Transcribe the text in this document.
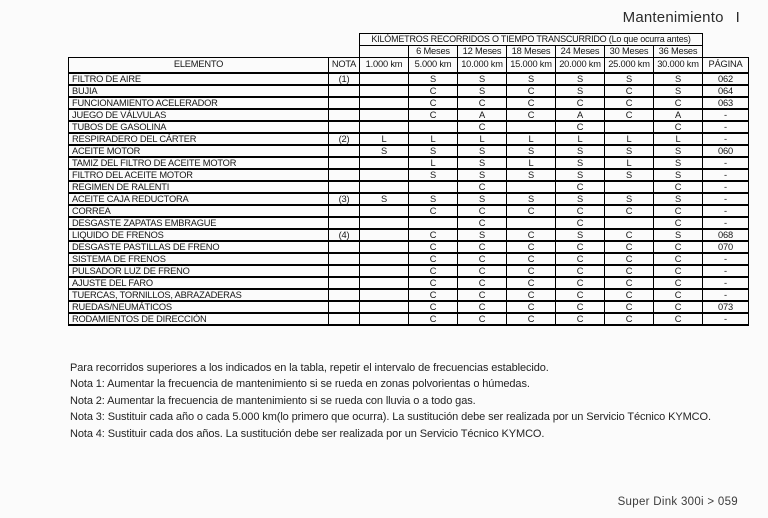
Mantenimiento I
		KILÓMETROS RECORRIDOS O TIEMPO TRANSCURRIDO (Lo que ocurra antes)							
			6 Meses	12 Meses	18 Meses	24 Meses	30 Meses	36 Meses	
ELEMENTO	NOTA	1.000 km	5.000 km	10.000 km	15.000 km	20.000 km	25.000 km	30.000 km	PÁGINA
FILTRO DE AIRE	(1)		S	S	S	S	S	S	062
BUJIA			C	S	C	S	C	S	064
FUNCIONAMIENTO ACELERADOR			C	C	C	C	C	C	063
JUEGO DE VÁLVULAS			C	A	C	A	C	A	-
TUBOS DE GASOLINA				C		C		C	-
RESPIRADERO DEL CÁRTER	(2)	L	L	L	L	L	L	L	-
ACEITE MOTOR		S	S	S	S	S	S	S	060
TAMIZ DEL FILTRO DE ACEITE MOTOR			L	S	L	S	L	S	-
FILTRO DEL ACEITE MOTOR			S	S	S	S	S	S	-
REGIMEN DE RALENTI				C		C		C	-
ACEITE CAJA REDUCTORA	(3)	S	S	S	S	S	S	S	-
CORREA			C	C	C	C	C	C	-
DESGASTE ZAPATAS EMBRAGUE				C		C		C	-
LIQUIDO DE FRENOS	(4)		C	S	C	S	C	S	068
DESGASTE PASTILLAS DE FRENO			C	C	C	C	C	C	070
SISTEMA DE FRENOS			C	C	C	C	C	C	-
PULSADOR LUZ DE FRENO			C	C	C	C	C	C	-
AJUSTE DEL FARO			C	C	C	C	C	C	-
TUERCAS, TORNILLOS, ABRAZADERAS			C	C	C	C	C	C	-
RUEDAS/NEUMÁTICOS			C	C	C	C	C	C	073
RODAMIENTOS DE DIRECCIÓN			C	C	C	C	C	C	-
Para recorridos superiores a los indicados en la tabla, repetir el intervalo de frecuencias establecido.
Nota 1: Aumentar la frecuencia de mantenimiento si se rueda en zonas polvorientas o húmedas.
Nota 2: Aumentar la frecuencia de mantenimiento si se rueda con lluvia o a todo gas.
Nota 3: Sustituir cada año o cada 5.000 km(lo primero que ocurra). La sustitución debe ser realizada por un Servicio Técnico KYMCO.
Nota 4: Sustituir cada dos años. La sustitución debe ser realizada por un Servicio Técnico KYMCO.
Super Dink 300i > 059
